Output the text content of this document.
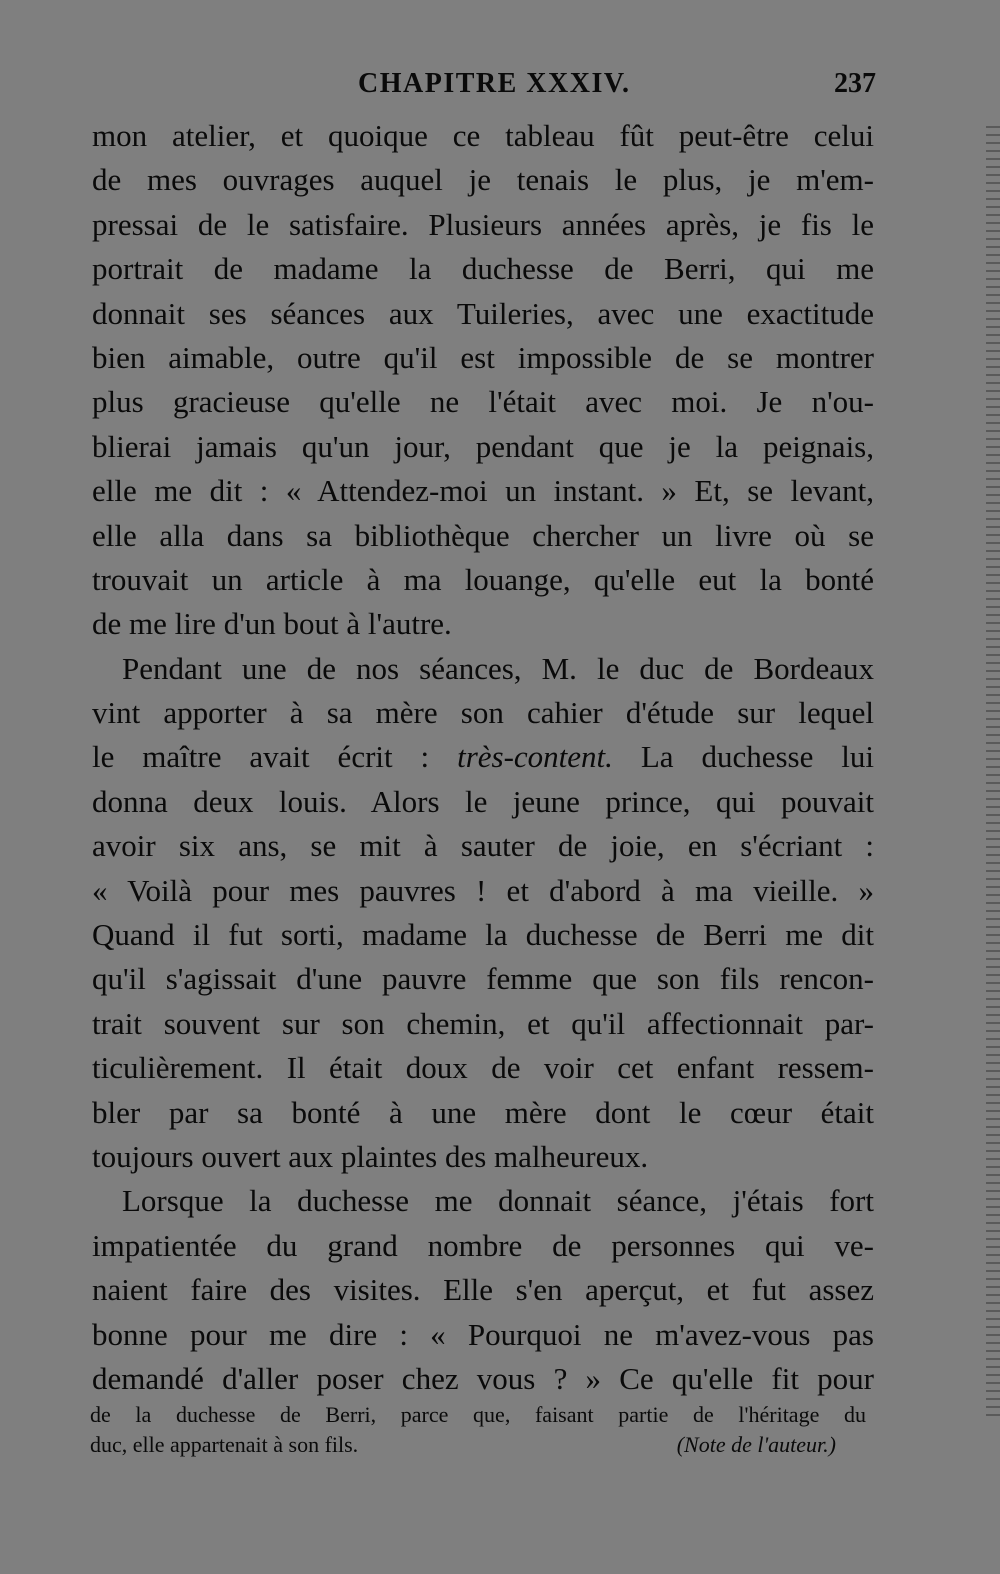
CHAPITRE XXXIV.	237
mon atelier, et quoique ce tableau fût peut-être celui
de mes ouvrages auquel je tenais le plus, je m'em-
pressai de le satisfaire. Plusieurs années après, je fis le
portrait de madame la duchesse de Berri, qui me
donnait ses séances aux Tuileries, avec une exactitude
bien aimable, outre qu'il est impossible de se montrer
plus gracieuse qu'elle ne l'était avec moi. Je n'ou-
blierai jamais qu'un jour, pendant que je la peignais,
elle me dit : « Attendez-moi un instant. » Et, se levant,
elle alla dans sa bibliothèque chercher un livre où se
trouvait un article à ma louange, qu'elle eut la bonté
de me lire d'un bout à l'autre.
Pendant une de nos séances, M. le duc de Bordeaux
vint apporter à sa mère son cahier d'étude sur lequel
le maître avait écrit : très-content. La duchesse lui
donna deux louis. Alors le jeune prince, qui pouvait
avoir six ans, se mit à sauter de joie, en s'écriant :
« Voilà pour mes pauvres ! et d'abord à ma vieille. »
Quand il fut sorti, madame la duchesse de Berri me dit
qu'il s'agissait d'une pauvre femme que son fils rencon-
trait souvent sur son chemin, et qu'il affectionnait par-
ticulièrement. Il était doux de voir cet enfant ressem-
bler par sa bonté à une mère dont le cœur était
toujours ouvert aux plaintes des malheureux.
Lorsque la duchesse me donnait séance, j'étais fort
impatientée du grand nombre de personnes qui ve-
naient faire des visites. Elle s'en aperçut, et fut assez
bonne pour me dire : « Pourquoi ne m'avez-vous pas
demandé d'aller poser chez vous ? » Ce qu'elle fit pour
de la duchesse de Berri, parce que, faisant partie de l'héritage du
duc, elle appartenait à son fils.	(Note de l'auteur.)
